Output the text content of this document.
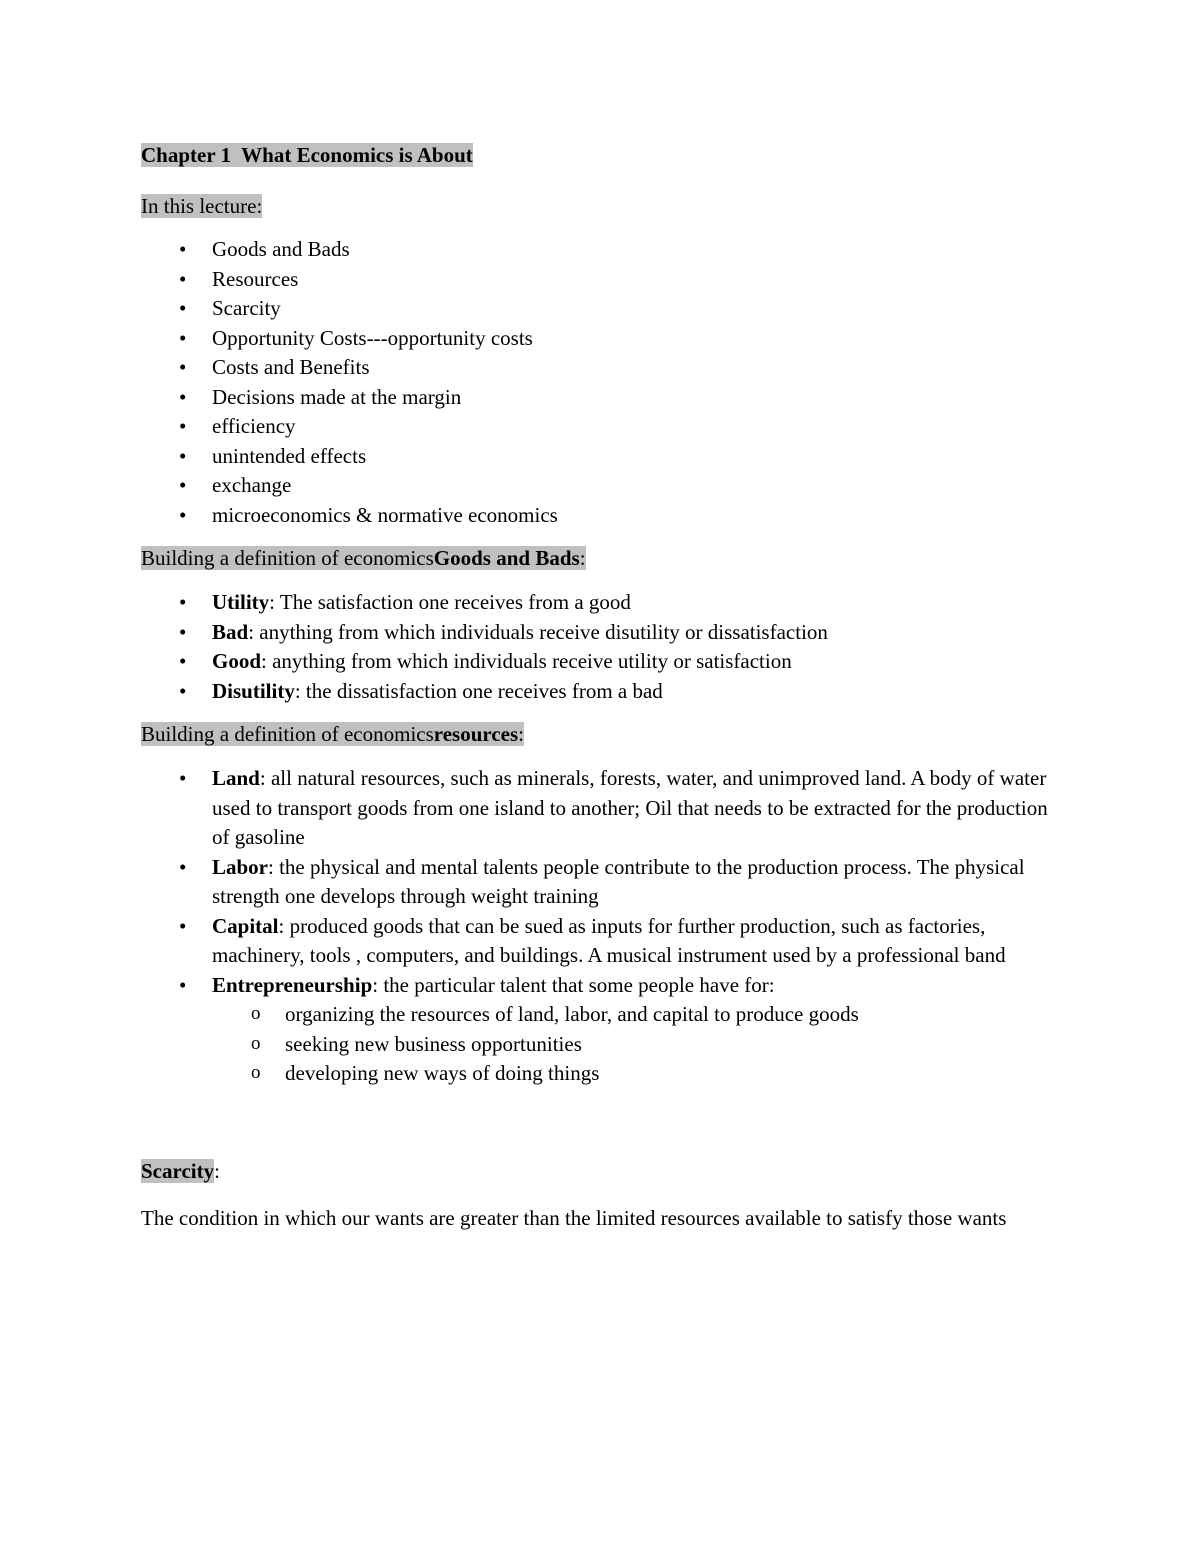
Chapter 1  What Economics is About
In this lecture:
• Goods and Bads
• Resources
• Scarcity
• Opportunity Costs---opportunity costs
• Costs and Benefits
• Decisions made at the margin
• efficiency
• unintended effects
• exchange
• microeconomics & normative economics
Building a definition of economicsGoods and Bads:
• Utility: The satisfaction one receives from a good
• Bad: anything from which individuals receive disutility or dissatisfaction
• Good: anything from which individuals receive utility or satisfaction
• Disutility: the dissatisfaction one receives from a bad
Building a definition of economicsresources:
• Land: all natural resources, such as minerals, forests, water, and unimproved land. A body of water used to transport goods from one island to another; Oil that needs to be extracted for the production of gasoline
• Labor: the physical and mental talents people contribute to the production process. The physical strength one develops through weight training
• Capital: produced goods that can be sued as inputs for further production, such as factories, machinery, tools , computers, and buildings. A musical instrument used by a professional band
• Entrepreneurship: the particular talent that some people have for:
o organizing the resources of land, labor, and capital to produce goods
o seeking new business opportunities
o developing new ways of doing things
Scarcity:
The condition in which our wants are greater than the limited resources available to satisfy those wants
